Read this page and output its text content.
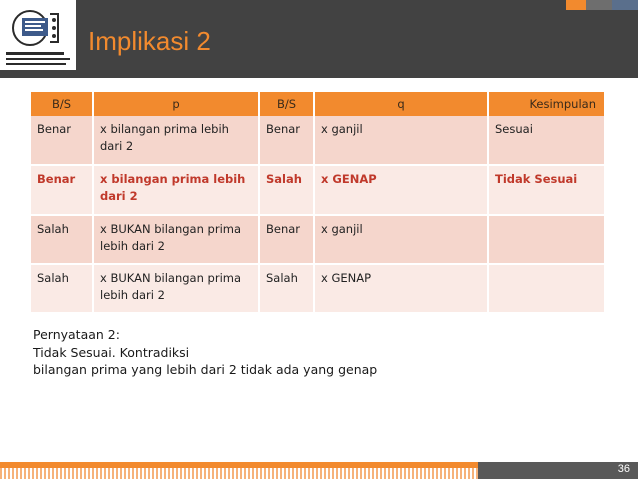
Implikasi 2
B/S	p	B/S	q	Kesimpulan
Benar	x bilangan prima lebih dari 2	Benar	x ganjil	Sesuai
Benar	x bilangan prima lebih dari 2	Salah	x GENAP	Tidak Sesuai
Salah	x BUKAN bilangan prima lebih dari 2	Benar	x ganjil	
Salah	x BUKAN bilangan prima lebih dari 2	Salah	x GENAP	
Pernyataan 2:
Tidak Sesuai. Kontradiksi
bilangan prima yang lebih dari 2 tidak ada yang genap
36
